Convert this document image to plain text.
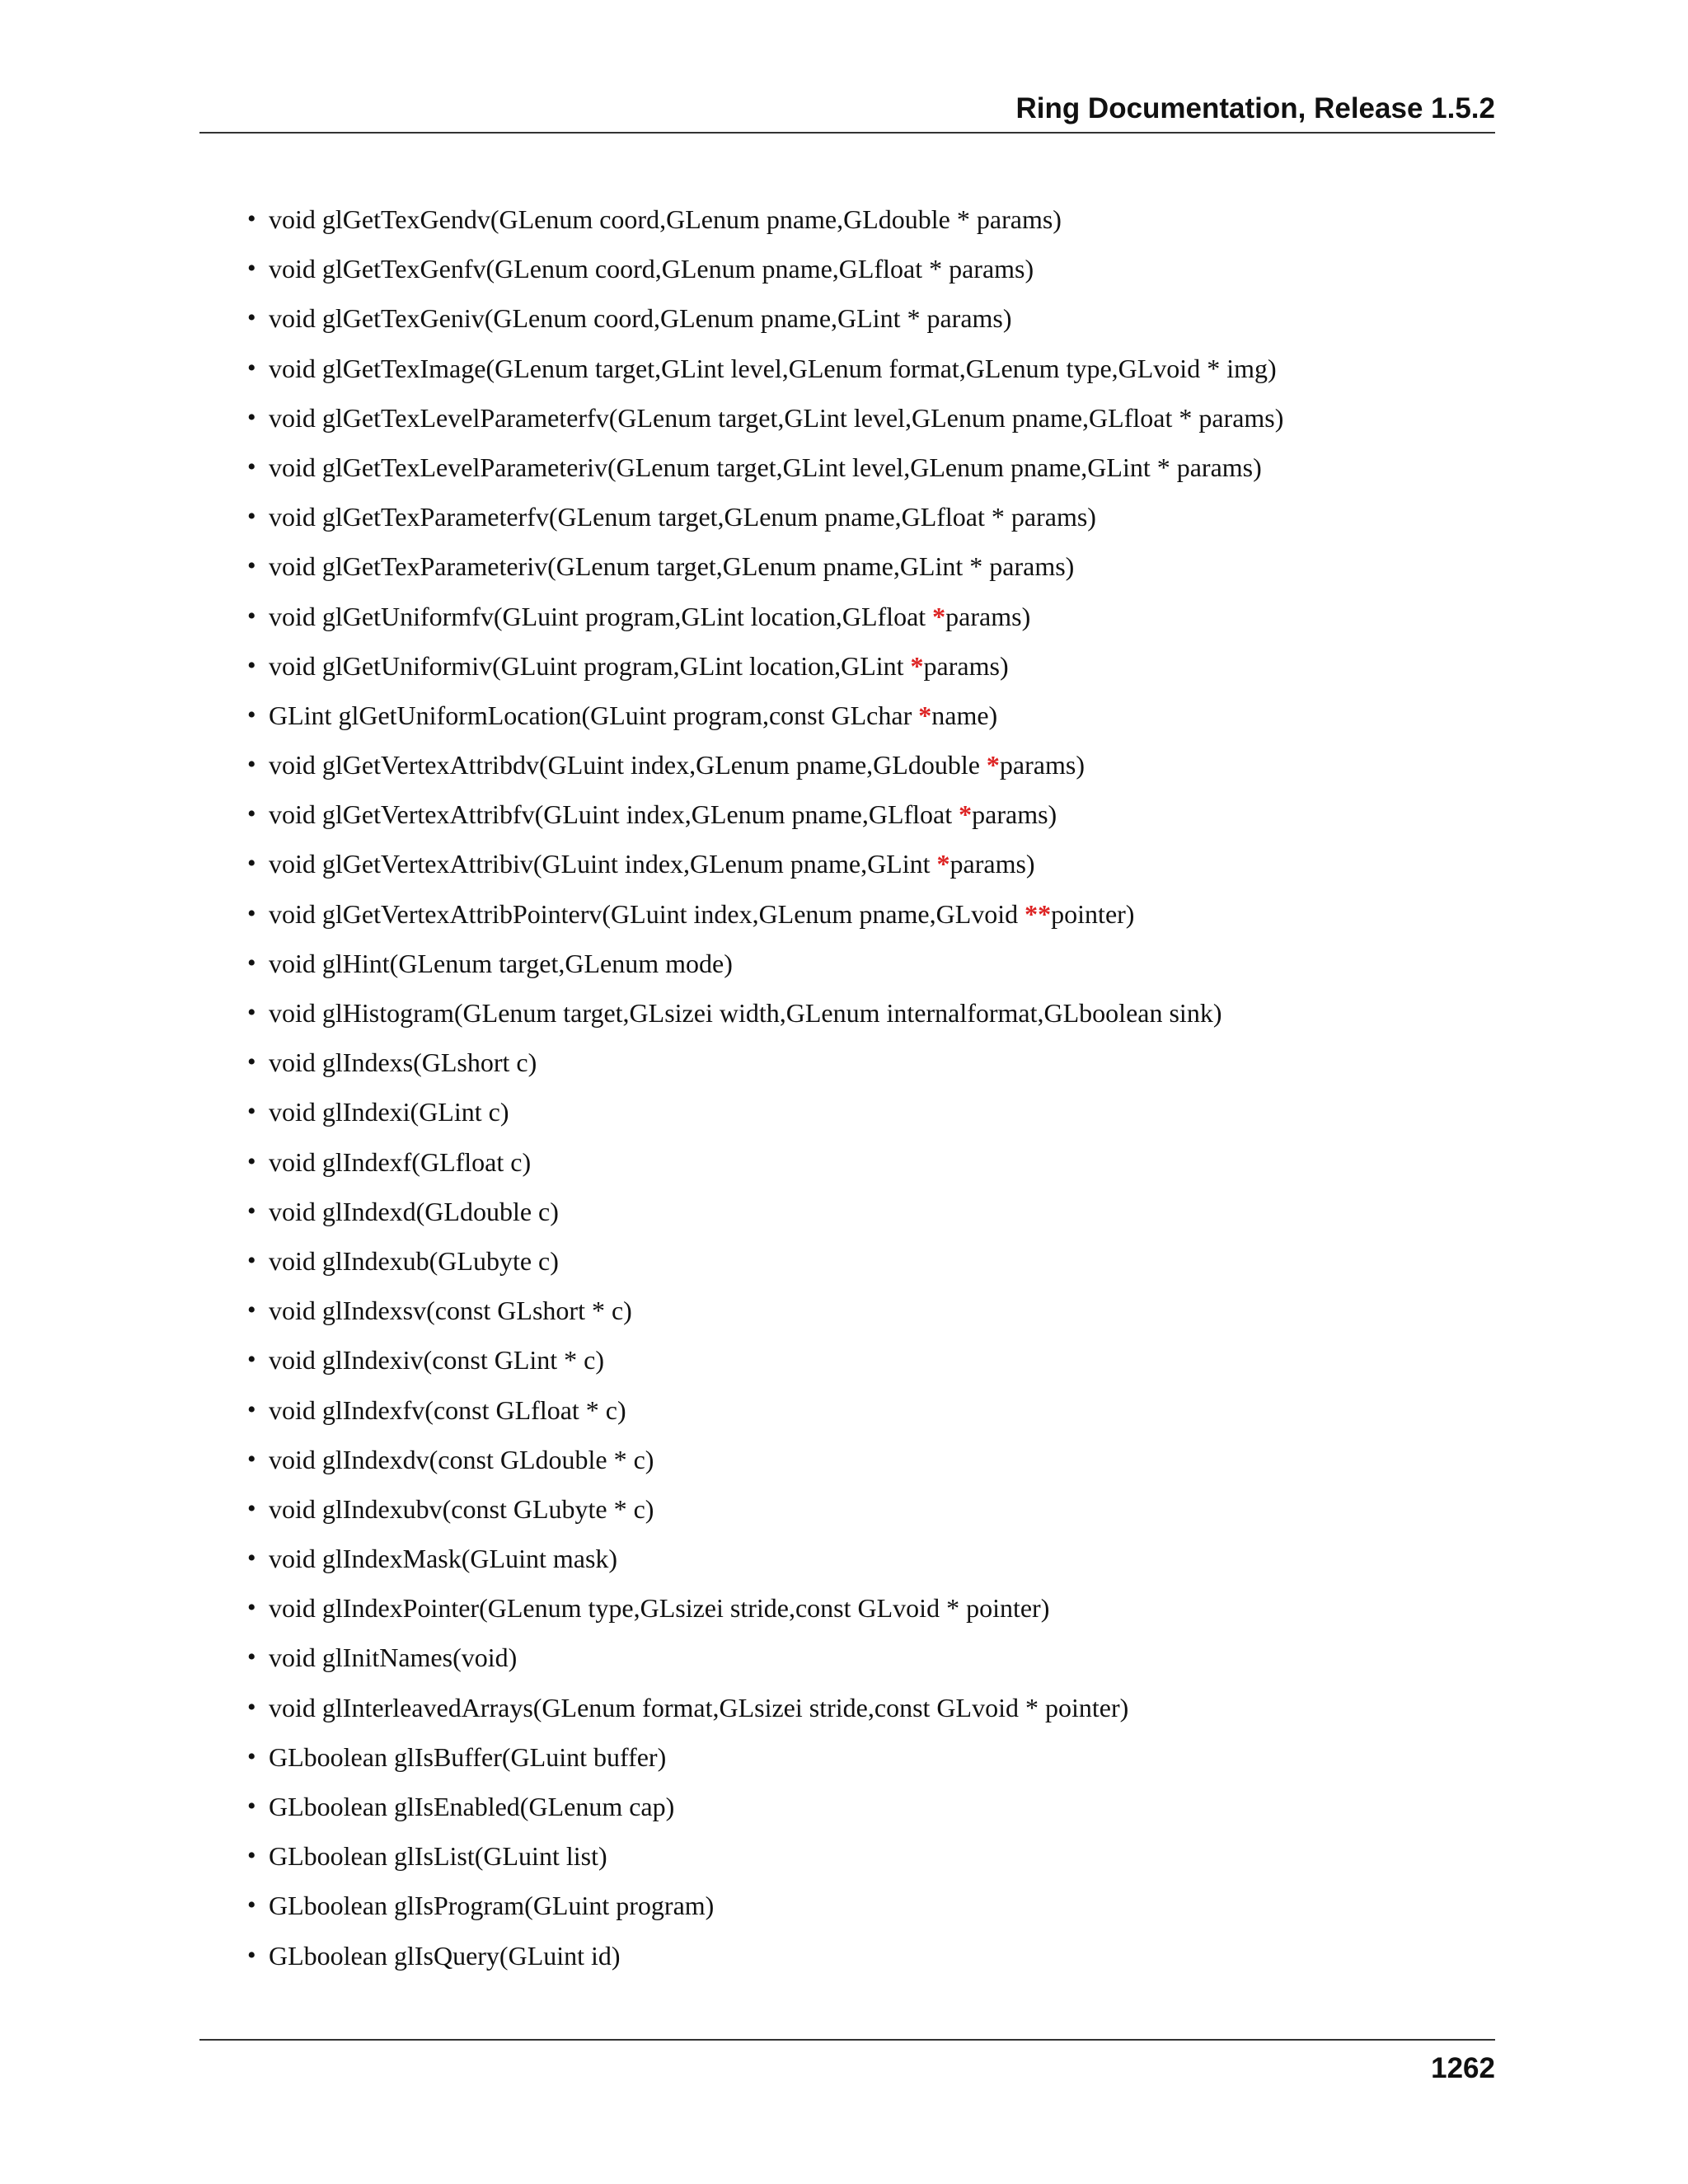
Ring Documentation, Release 1.5.2
• void glGetTexGendv(GLenum coord,GLenum pname,GLdouble * params)
• void glGetTexGenfv(GLenum coord,GLenum pname,GLfloat * params)
• void glGetTexGeniv(GLenum coord,GLenum pname,GLint * params)
• void glGetTexImage(GLenum target,GLint level,GLenum format,GLenum type,GLvoid * img)
• void glGetTexLevelParameterfv(GLenum target,GLint level,GLenum pname,GLfloat * params)
• void glGetTexLevelParameteriv(GLenum target,GLint level,GLenum pname,GLint * params)
• void glGetTexParameterfv(GLenum target,GLenum pname,GLfloat * params)
• void glGetTexParameteriv(GLenum target,GLenum pname,GLint * params)
• void glGetUniformfv(GLuint program,GLint location,GLfloat *params)
• void glGetUniformiv(GLuint program,GLint location,GLint *params)
• GLint glGetUniformLocation(GLuint program,const GLchar *name)
• void glGetVertexAttribdv(GLuint index,GLenum pname,GLdouble *params)
• void glGetVertexAttribfv(GLuint index,GLenum pname,GLfloat *params)
• void glGetVertexAttribiv(GLuint index,GLenum pname,GLint *params)
• void glGetVertexAttribPointerv(GLuint index,GLenum pname,GLvoid **pointer)
• void glHint(GLenum target,GLenum mode)
• void glHistogram(GLenum target,GLsizei width,GLenum internalformat,GLboolean sink)
• void glIndexs(GLshort c)
• void glIndexi(GLint c)
• void glIndexf(GLfloat c)
• void glIndexd(GLdouble c)
• void glIndexub(GLubyte c)
• void glIndexsv(const GLshort * c)
• void glIndexiv(const GLint * c)
• void glIndexfv(const GLfloat * c)
• void glIndexdv(const GLdouble * c)
• void glIndexubv(const GLubyte * c)
• void glIndexMask(GLuint mask)
• void glIndexPointer(GLenum type,GLsizei stride,const GLvoid * pointer)
• void glInitNames(void)
• void glInterleavedArrays(GLenum format,GLsizei stride,const GLvoid * pointer)
• GLboolean glIsBuffer(GLuint buffer)
• GLboolean glIsEnabled(GLenum cap)
• GLboolean glIsList(GLuint list)
• GLboolean glIsProgram(GLuint program)
• GLboolean glIsQuery(GLuint id)
1262
